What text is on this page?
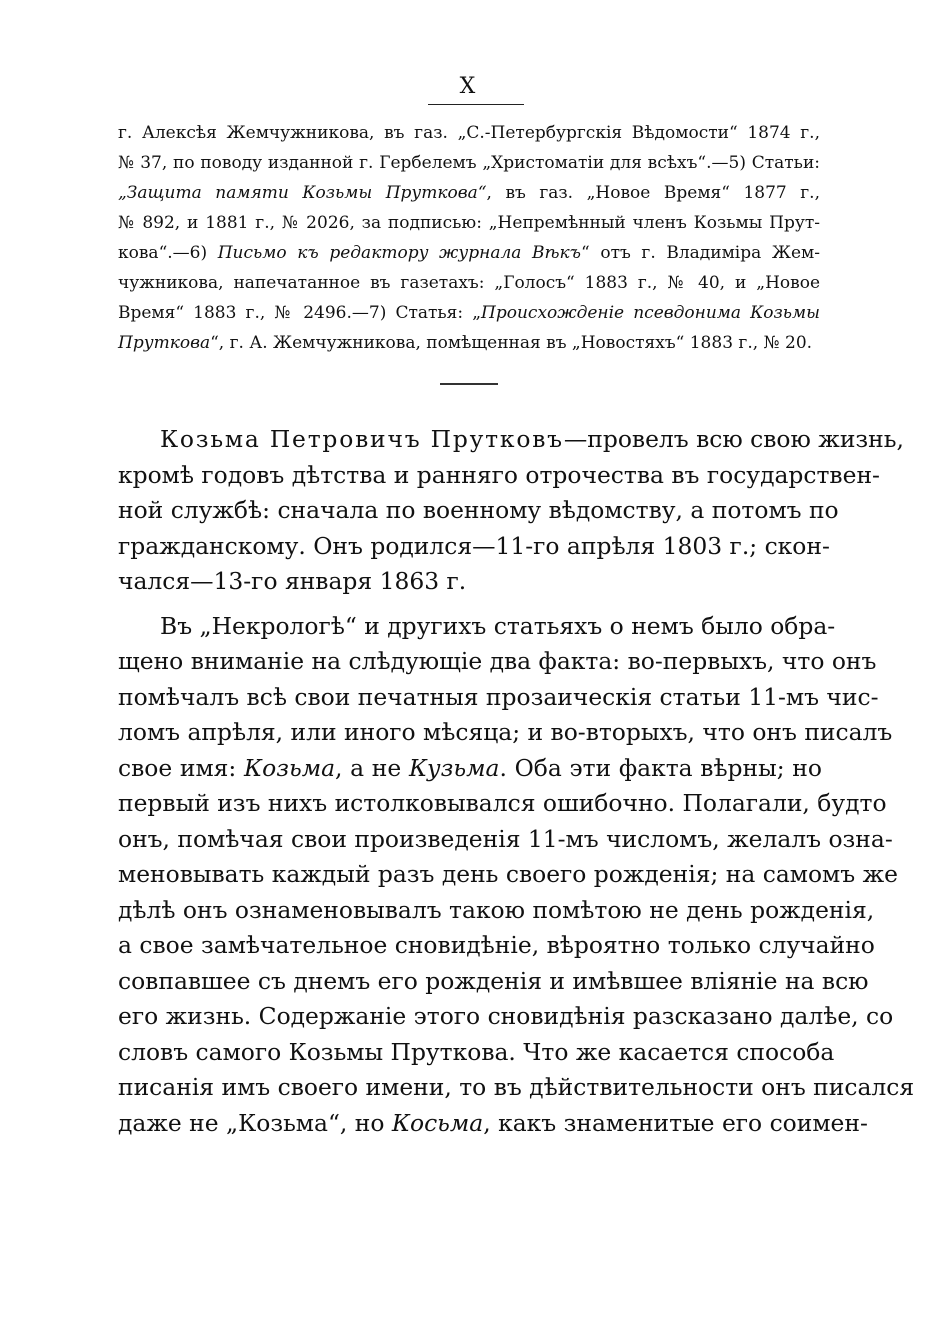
X
г. Алексѣя Жемчужникова, въ газ. „С.-Петербургскія Вѣдомости“ 1874 г.,
№ 37, по поводу изданной г. Гербелемъ „Христоматіи для всѣхъ“.—5) Статьи:
„Защита памяти Козьмы Пруткова“, въ газ. „Новое Время“ 1877 г.,
№ 892, и 1881 г., № 2026, за подписью: „Непремѣнный членъ Козьмы Прут-
кова“.—6) Письмо къ редактору журнала Вѣкъ“ отъ г. Владиміра Жем-
чужникова, напечатанное въ газетахъ: „Голосъ“ 1883 г., № 40, и „Новое
Время“ 1883 г., № 2496.—7) Статья: „Происхожденіе псевдонима Козьмы
Пруткова“, г. А. Жемчужникова, помѣщенная въ „Новостяхъ“ 1883 г., № 20.
Козьма Петровичъ Прутковъ—провелъ всю свою жизнь,
кромѣ годовъ дѣтства и ранняго отрочества въ государствен-
ной службѣ: сначала по военному вѣдомству, а потомъ по
гражданскому. Онъ родился—11-го апрѣля 1803 г.; скон-
чался—13-го января 1863 г.
Въ „Некрологѣ“ и другихъ статьяхъ о немъ было обра-
щено вниманіе на слѣдующіе два факта: во-первыхъ, что онъ
помѣчалъ всѣ свои печатныя прозаическія статьи 11-мъ чис-
ломъ апрѣля, или иного мѣсяца; и во-вторыхъ, что онъ писалъ
свое имя: Козьма, а не Кузьма. Оба эти факта вѣрны; но
первый изъ нихъ истолковывался ошибочно. Полагали, будто
онъ, помѣчая свои произведенія 11-мъ числомъ, желалъ озна-
меновывать каждый разъ день своего рожденія; на самомъ же
дѣлѣ онъ ознаменовывалъ такою помѣтою не день рожденія,
а свое замѣчательное сновидѣніе, вѣроятно только случайно
совпавшее съ днемъ его рожденія и имѣвшее вліяніе на всю
его жизнь. Содержаніе этого сновидѣнія разсказано далѣе, со
словъ самого Козьмы Пруткова. Что же касается способа
писанія имъ своего имени, то въ дѣйствительности онъ писался
даже не „Козьма“, но Косьма, какъ знаменитые его соимен-
